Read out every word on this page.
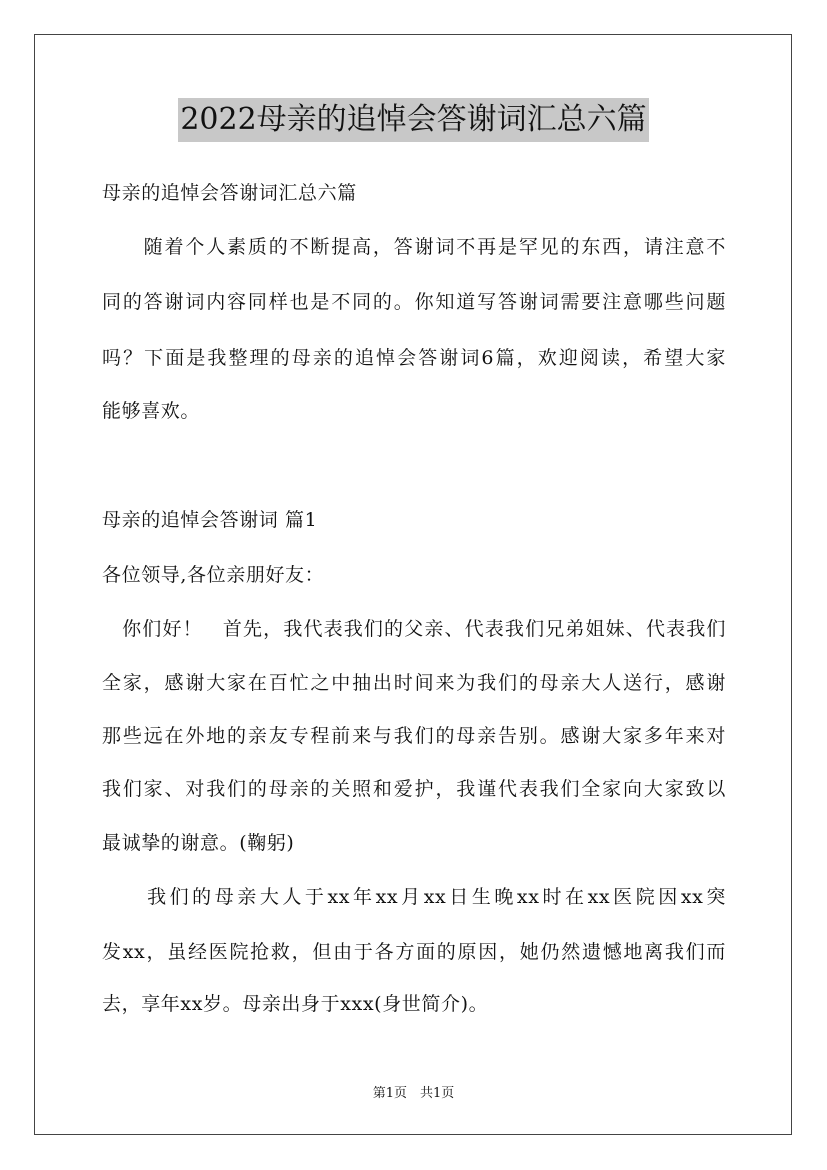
2022母亲的追悼会答谢词汇总六篇
母亲的追悼会答谢词汇总六篇
　　随着个人素质的不断提高，答谢词不再是罕见的东西，请注意不
同的答谢词内容同样也是不同的。你知道写答谢词需要注意哪些问题
吗？下面是我整理的母亲的追悼会答谢词6篇，欢迎阅读，希望大家
能够喜欢。
母亲的追悼会答谢词 篇1
各位领导,各位亲朋好友：
　你们好！　首先，我代表我们的父亲、代表我们兄弟姐妹、代表我们
全家，感谢大家在百忙之中抽出时间来为我们的母亲大人送行，感谢
那些远在外地的亲友专程前来与我们的母亲告别。感谢大家多年来对
我们家、对我们的母亲的关照和爱护，我谨代表我们全家向大家致以
最诚挚的谢意。(鞠躬)
　　我们的母亲大人于xx年xx月xx日生晚xx时在xx医院因xx突
发xx，虽经医院抢救，但由于各方面的原因，她仍然遗憾地离我们而
去，享年xx岁。母亲出身于xxx(身世简介)。
第1页　共1页
